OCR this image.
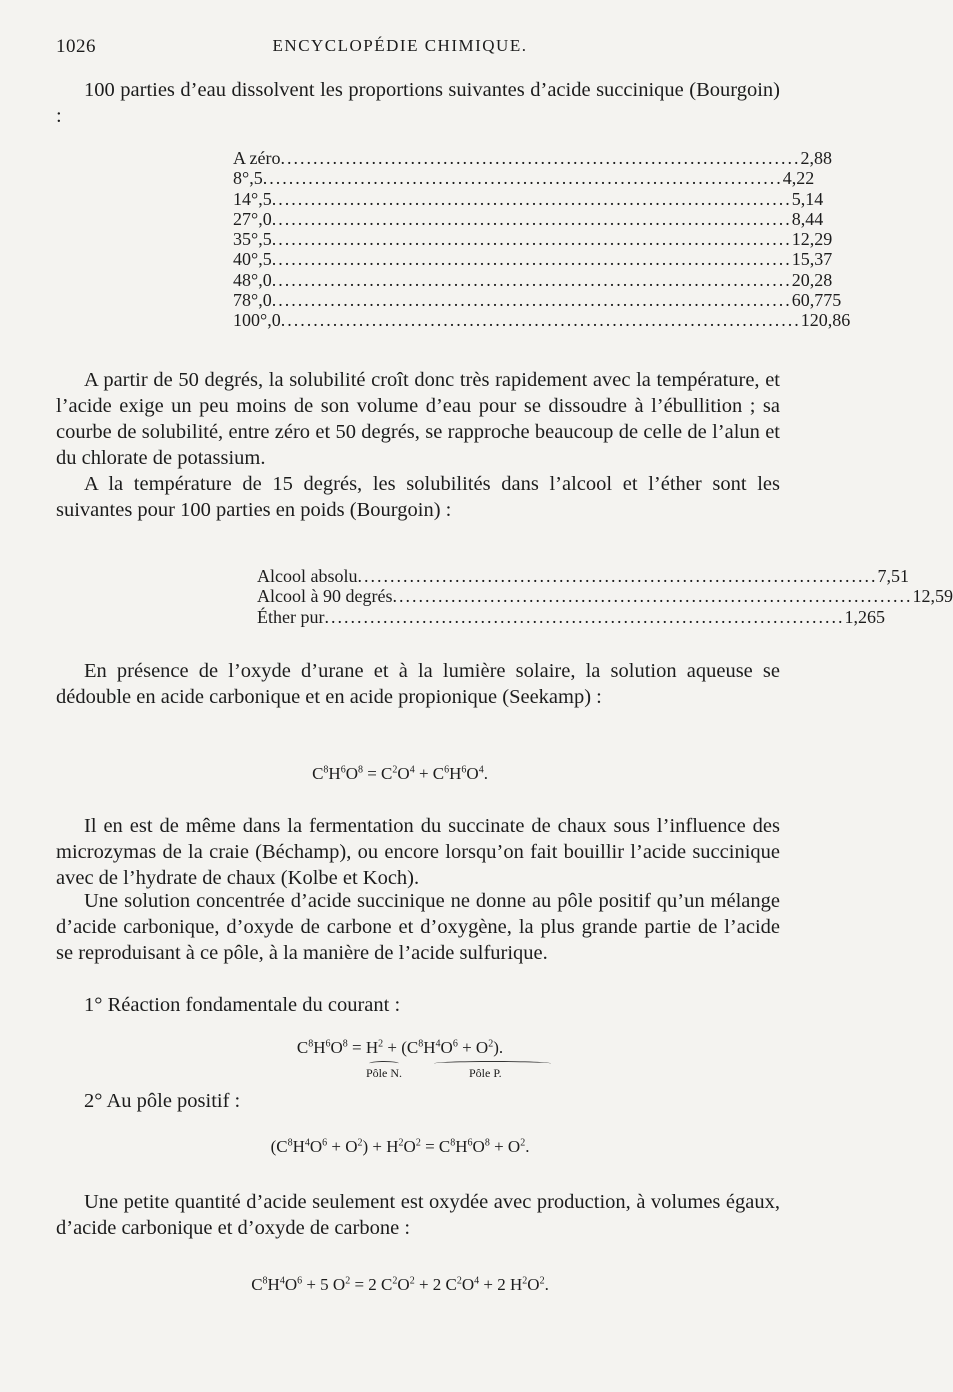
1026	ENCYCLOPÉDIE CHIMIQUE.

100 parties d’eau dissolvent les proportions suivantes d’acide succinique (Bourgoin) :

A zéro................................................................................ 2,88
8°,5................................................................................ 4,22
14°,5................................................................................ 5,14
27°,0................................................................................ 8,44
35°,5................................................................................ 12,29
40°,5................................................................................ 15,37
48°,0................................................................................ 20,28
78°,0................................................................................ 60,775
100°,0................................................................................ 120,86

A partir de 50 degrés, la solubilité croît donc très rapidement avec la température, et l’acide exige un peu moins de son volume d’eau pour se dissoudre à l’ébullition ; sa courbe de solubilité, entre zéro et 50 degrés, se rapproche beaucoup de celle de l’alun et du chlorate de potassium.

A la température de 15 degrés, les solubilités dans l’alcool et l’éther sont les suivantes pour 100 parties en poids (Bourgoin) :

Alcool absolu................................................................................ 7,51
Alcool à 90 degrés................................................................................ 12,59
Éther pur................................................................................ 1,265

En présence de l’oxyde d’urane et à la lumière solaire, la solution aqueuse se dédouble en acide carbonique et en acide propionique (Seekamp) :

$C^8H^6O^8 = C^2O^4 + C^6H^6O^4$.

Il en est de même dans la fermentation du succinate de chaux sous l’influence des microzymas de la craie (Béchamp), ou encore lorsqu’on fait bouillir l’acide succinique avec de l’hydrate de chaux (Kolbe et Koch).

Une solution concentrée d’acide succinique ne donne au pôle positif qu’un mélange d’acide carbonique, d’oxyde de carbone et d’oxygène, la plus grande partie de l’acide se reproduisant à ce pôle, à la manière de l’acide sulfurique.

1° Réaction fondamentale du courant :

$C^8H^6O^8 = H^2 + (C^8H^4O^6 + O^2)$.
Pôle N.	Pôle P.

2° Au pôle positif :

$(C^8H^4O^6 + O^2) + H^2O^2 = C^8H^6O^8 + O^2$.

Une petite quantité d’acide seulement est oxydée avec production, à volumes égaux, d’acide carbonique et d’oxyde de carbone :

$C^8H^4O^6 + 5$ $O^2 = 2$ $C^2O^2 + 2$ $C^2O^4 + 2$ $H^2O^2$.
